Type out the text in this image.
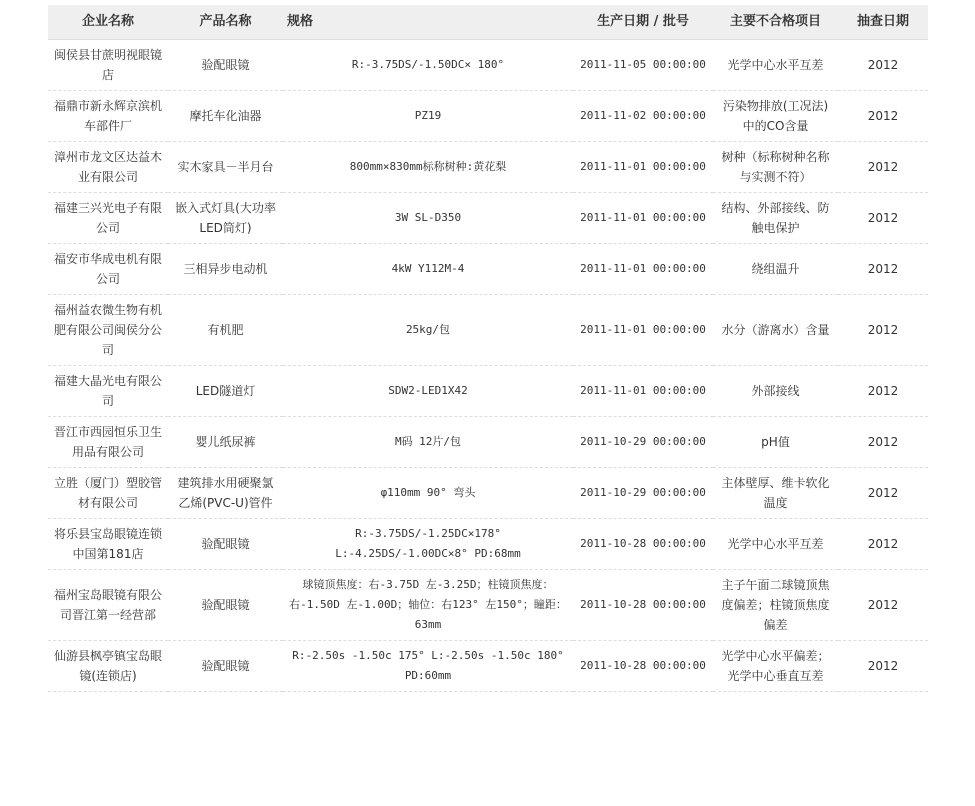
企业名称	产品名称	规格	生产日期 / 批号	主要不合格项目	抽查日期
闽侯县甘蔗明视眼镜店	验配眼镜	R:-3.75DS/-1.50DC× 180°	2011-11-05 00:00:00	光学中心水平互差	2012
福鼎市新永辉京滨机车部件厂	摩托车化油器	PZ19	2011-11-02 00:00:00	污染物排放(工况法)中的CO含量	2012
漳州市龙文区达益木业有限公司	实木家具－半月台	800mm×830mm标称树种:黄花梨	2011-11-01 00:00:00	树种（标称树种名称与实测不符）	2012
福建三兴光电子有限公司	嵌入式灯具(大功率LED筒灯)	3W SL-D350	2011-11-01 00:00:00	结构、外部接线、防触电保护	2012
福安市华成电机有限公司	三相异步电动机	4kW Y112M-4	2011-11-01 00:00:00	绕组温升	2012
福州益农微生物有机肥有限公司闽侯分公司	有机肥	25kg/包	2011-11-01 00:00:00	水分（游离水）含量	2012
福建大晶光电有限公司	LED隧道灯	SDW2-LED1X42	2011-11-01 00:00:00	外部接线	2012
晋江市西园恒乐卫生用品有限公司	婴儿纸尿裤	M码 12片/包	2011-10-29 00:00:00	pH值	2012
立胜（厦门）塑胶管材有限公司	建筑排水用硬聚氯乙烯(PVC-U)管件	φ110mm 90° 弯头	2011-10-29 00:00:00	主体壁厚、维卡软化温度	2012
将乐县宝岛眼镜连锁中国第181店	验配眼镜	R:-3.75DS/-1.25DC×178° L:-4.25DS/-1.00DC×8° PD:68mm	2011-10-28 00:00:00	光学中心水平互差	2012
福州宝岛眼镜有限公司晋江第一经营部	验配眼镜	球镜顶焦度：右-3.75D 左-3.25D；柱镜顶焦度：右-1.50D 左-1.00D；轴位：右123° 左150°；瞳距：63mm	2011-10-28 00:00:00	主子午面二球镜顶焦度偏差；柱镜顶焦度偏差	2012
仙游县枫亭镇宝岛眼镜(连锁店)	验配眼镜	R:-2.50s -1.50c 175° L:-2.50s -1.50c 180° PD:60mm	2011-10-28 00:00:00	光学中心水平偏差；光学中心垂直互差	2012
